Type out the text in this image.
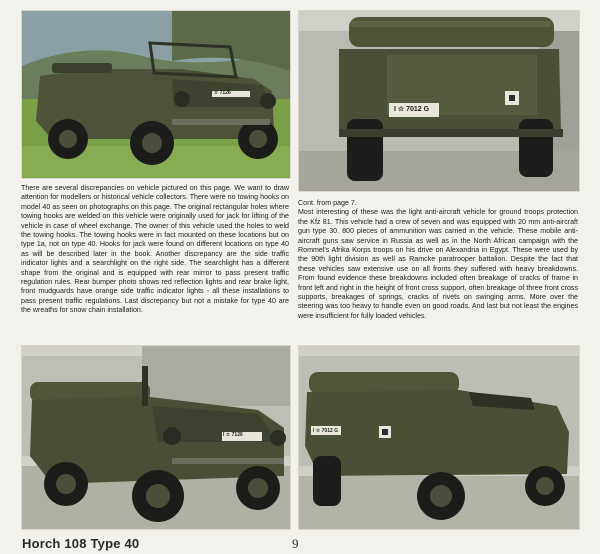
I ☆ 7126
I ☆ 7012 G

There are several discrepancies on vehicle pictured on this page. We want to draw attention for modellers or historical vehicle collectors. There were no towing hooks on model 40 as seen on photographs on this page. The original rectangular holes where towing hooks are welded on this vehicle were originally used for jack for lifting of the vehicle in case of wheel exchange. The owner of this vehicle used the holes to weld the towing hooks. The towing hooks were in fact mounted on these locations but on type 1a, not on type 40. Hooks for jack were found on different locations on type 40 as will be described later in the book. Another discrepancy are the side traffic indicator lights and a searchlight on the right side. The searchlight has a different shape from the original and is equipped with rear mirror to pass present traffic regulation rules. Rear bumper photo shows red reflection lights and rear brake light, front mudguards have orange side traffic indicator lights - all these installations to pass present traffic regulations. Last discrepancy but not a mistake for type 40 are the wreaths for snow chain installation.

Cont. from page 7.

Most interesting of these was the light anti-aircraft vehicle for ground troops protection the Kfz 81. This vehicle had a crew of seven and was equipped with 20 mm anti-aircraft gun type 30. 800 pieces of ammunition was carried in the vehicle. These mobile anti-aircraft guns saw service in Russia as well as in the North African campaign with the Rommel's Afrika Korps troops on his drive on Alexandria in Egypt. These were used by the 90th light division as well as Ramcke paratrooper battalion. Despite the fact that these vehicles saw extensive use on all fronts they suffered with heavy breakdowns. From found evidence these breakdowns included often breakage of cracks of frame in front left and right in the height of front cross support, often breakage of three front cross supports, breakages of springs, cracks of rivets on swinging arms. More over the steering was too heavy to handle even on good roads. And last but not least the engines were insufficient for fully loaded vehicles.

I ☆ 7126
I ☆ 7012 G
Horch 108 Type 40	9
